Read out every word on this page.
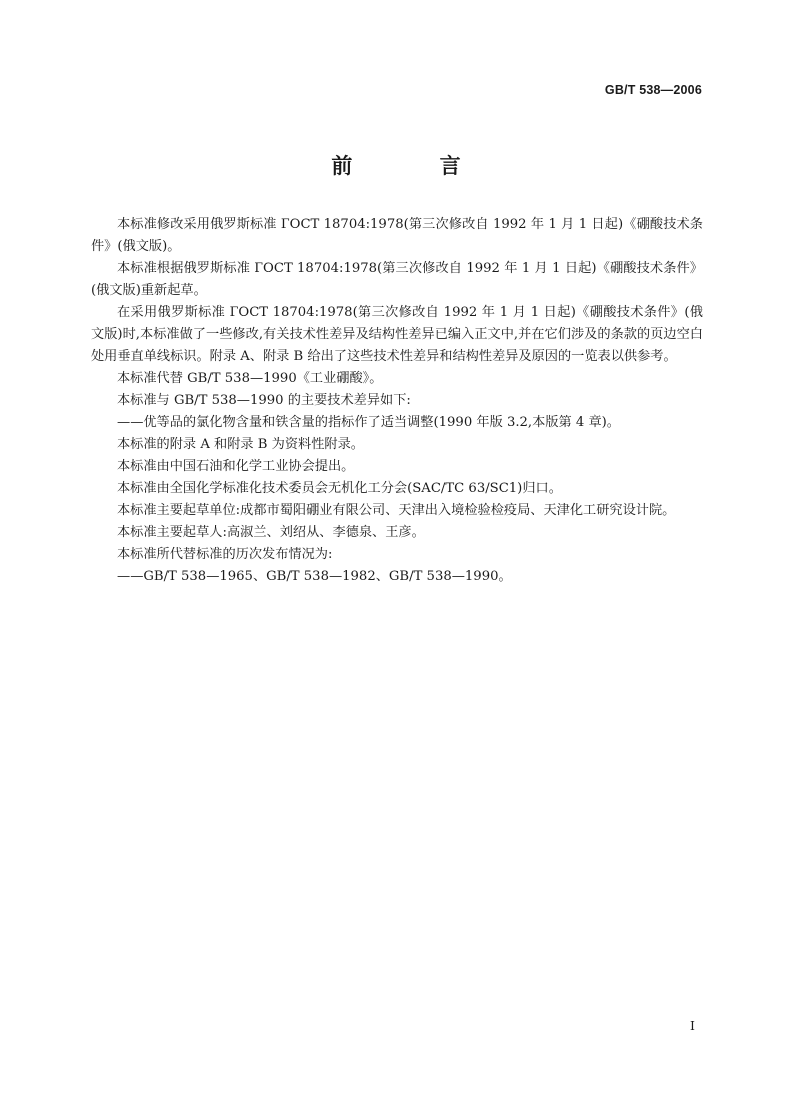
GB/T 538—2006
前 言

本标准修改采用俄罗斯标准 ГОСТ 18704:1978(第三次修改自 1992 年 1 月 1 日起)《硼酸技术条件》(俄文版)。

本标准根据俄罗斯标准 ГОСТ 18704:1978(第三次修改自 1992 年 1 月 1 日起)《硼酸技术条件》(俄文版)重新起草。

在采用俄罗斯标准 ГОСТ 18704:1978(第三次修改自 1992 年 1 月 1 日起)《硼酸技术条件》(俄文版)时,本标准做了一些修改,有关技术性差异及结构性差异已编入正文中,并在它们涉及的条款的页边空白处用垂直单线标识。附录 A、附录 B 给出了这些技术性差异和结构性差异及原因的一览表以供参考。

本标准代替 GB/T 538—1990《工业硼酸》。

本标准与 GB/T 538—1990 的主要技术差异如下:

——优等品的氯化物含量和铁含量的指标作了适当调整(1990 年版 3.2,本版第 4 章)。

本标准的附录 A 和附录 B 为资料性附录。

本标准由中国石油和化学工业协会提出。

本标准由全国化学标准化技术委员会无机化工分会(SAC/TC 63/SC1)归口。

本标准主要起草单位:成都市蜀阳硼业有限公司、天津出入境检验检疫局、天津化工研究设计院。

本标准主要起草人:高淑兰、刘绍从、李德泉、王彦。

本标准所代替标准的历次发布情况为:

——GB/T 538—1965、GB/T 538—1982、GB/T 538—1990。

I
